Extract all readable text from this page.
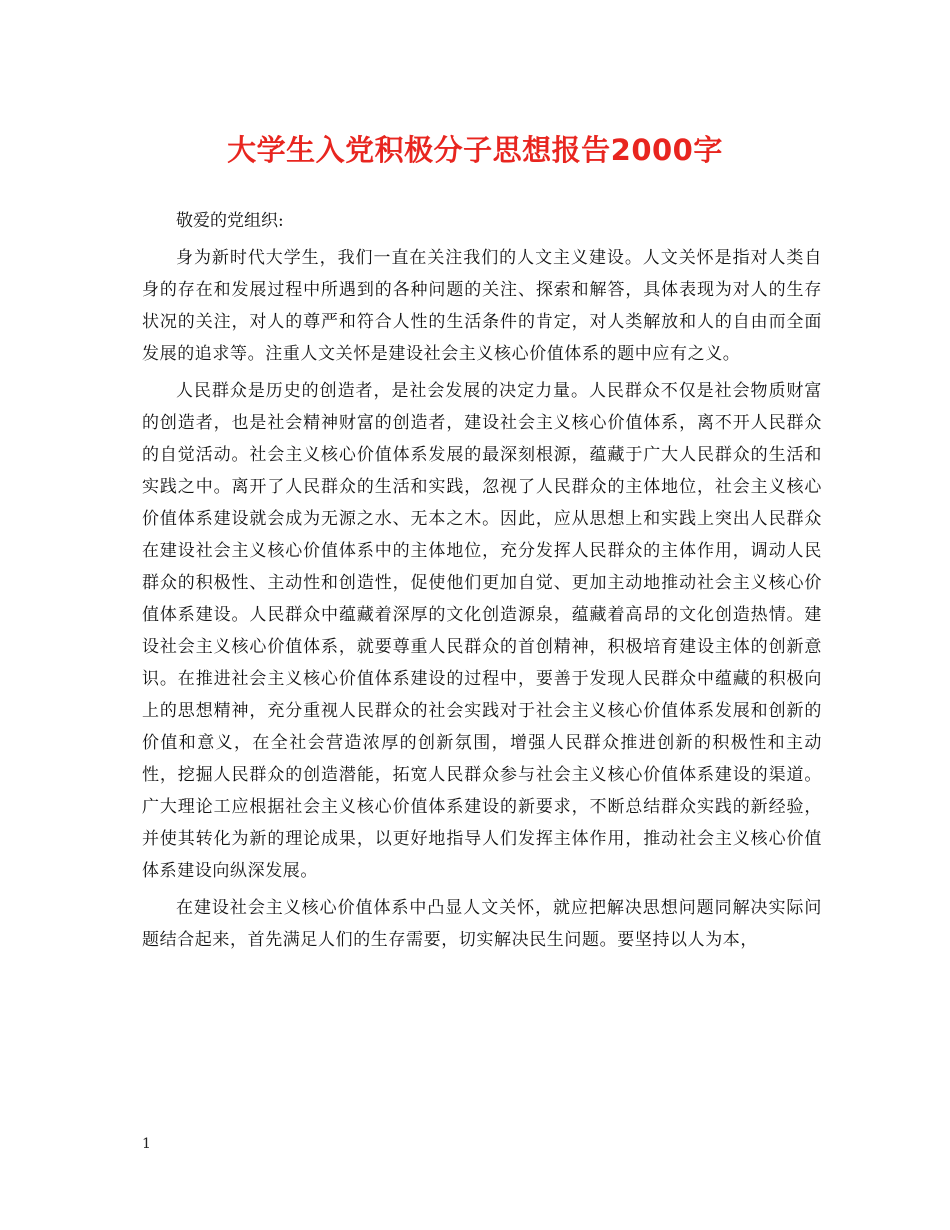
大学生入党积极分子思想报告2000字

敬爱的党组织:

身为新时代大学生，我们一直在关注我们的人文主义建设。人文关怀是指对人类自身的存在和发展过程中所遇到的各种问题的关注、探索和解答，具体表现为对人的生存状况的关注，对人的尊严和符合人性的生活条件的肯定，对人类解放和人的自由而全面发展的追求等。注重人文关怀是建设社会主义核心价值体系的题中应有之义。

人民群众是历史的创造者，是社会发展的决定力量。人民群众不仅是社会物质财富的创造者，也是社会精神财富的创造者，建设社会主义核心价值体系，离不开人民群众的自觉活动。社会主义核心价值体系发展的最深刻根源，蕴藏于广大人民群众的生活和实践之中。离开了人民群众的生活和实践，忽视了人民群众的主体地位，社会主义核心价值体系建设就会成为无源之水、无本之木。因此，应从思想上和实践上突出人民群众在建设社会主义核心价值体系中的主体地位，充分发挥人民群众的主体作用，调动人民群众的积极性、主动性和创造性，促使他们更加自觉、更加主动地推动社会主义核心价值体系建设。人民群众中蕴藏着深厚的文化创造源泉，蕴藏着高昂的文化创造热情。建设社会主义核心价值体系，就要尊重人民群众的首创精神，积极培育建设主体的创新意识。在推进社会主义核心价值体系建设的过程中，要善于发现人民群众中蕴藏的积极向上的思想精神，充分重视人民群众的社会实践对于社会主义核心价值体系发展和创新的价值和意义，在全社会营造浓厚的创新氛围，增强人民群众推进创新的积极性和主动性，挖掘人民群众的创造潜能，拓宽人民群众参与社会主义核心价值体系建设的渠道。广大理论工应根据社会主义核心价值体系建设的新要求，不断总结群众实践的新经验，并使其转化为新的理论成果，以更好地指导人们发挥主体作用，推动社会主义核心价值体系建设向纵深发展。

在建设社会主义核心价值体系中凸显人文关怀，就应把解决思想问题同解决实际问题结合起来，首先满足人们的生存需要，切实解决民生问题。要坚持以人为本，

1
